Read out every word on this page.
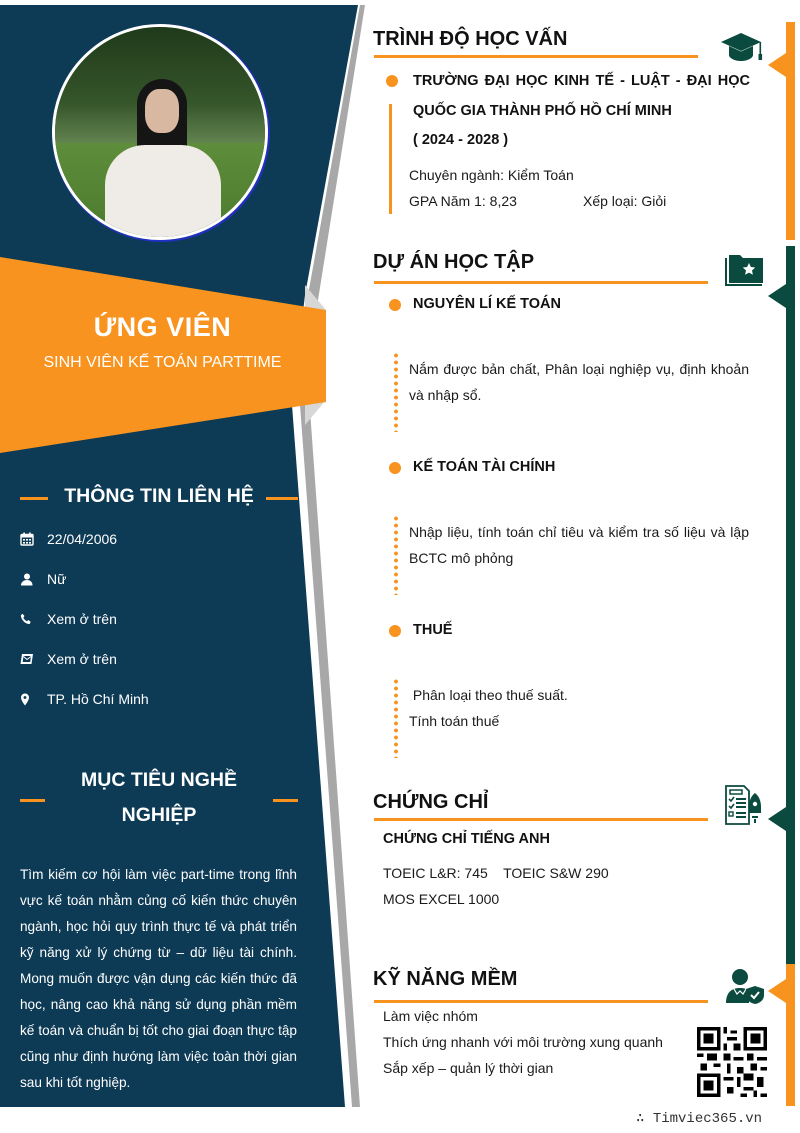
ỨNG VIÊN
SINH VIÊN KẾ TOÁN PARTTIME
THÔNG TIN LIÊN HỆ
22/04/2006
Nữ
Xem ở trên
Xem ở trên
TP. Hồ Chí Minh
MỤC TIÊU NGHỀ
NGHIỆP
Tìm kiếm cơ hội làm việc part-time trong lĩnh vực kế toán nhằm củng cố kiến thức chuyên ngành, học hỏi quy trình thực tế và phát triển kỹ năng xử lý chứng từ – dữ liệu tài chính. Mong muốn được vận dụng các kiến thức đã học, nâng cao khả năng sử dụng phần mềm kế toán và chuẩn bị tốt cho giai đoạn thực tập cũng như định hướng làm việc toàn thời gian sau khi tốt nghiệp.
TRÌNH ĐỘ HỌC VẤN
TRƯỜNG ĐẠI HỌC KINH TẾ - LUẬT - ĐẠI HỌC QUỐC GIA THÀNH PHỐ HỒ CHÍ MINH
( 2024 - 2028 )
Chuyên ngành: Kiểm Toán
GPA Năm 1: 8,23	Xếp loại: Giỏi
DỰ ÁN HỌC TẬP
NGUYÊN LÍ KẾ TOÁN
Nắm được bản chất, Phân loại nghiệp vụ, định khoản và nhập sổ.
KẾ TOÁN TÀI CHÍNH
Nhập liệu, tính toán chỉ tiêu và kiểm tra số liệu và lập BCTC mô phỏng
THUẾ
Phân loại theo thuế suất.
Tính toán thuế
CHỨNG CHỈ
CHỨNG CHỈ TIẾNG ANH
TOEIC L&R: 745    TOEIC S&W 290
MOS EXCEL 1000
KỸ NĂNG MỀM
Làm việc nhóm
Thích ứng nhanh với môi trường xung quanh
Sắp xếp – quản lý thời gian
∴ Timviec365.vn
